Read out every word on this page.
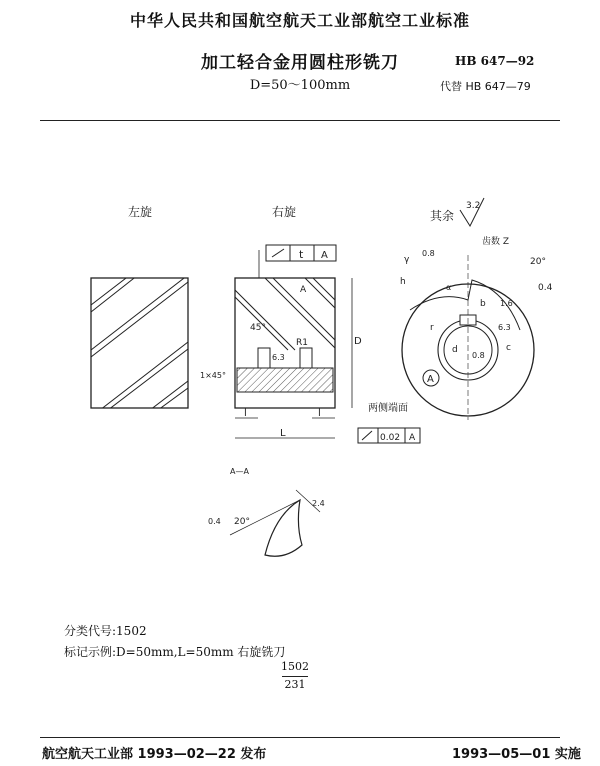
中华人民共和国航空航天工业部航空工业标准
加工轻合金用圆柱形铣刀
D=50～100mm
HB 647—92
代替 HB 647—79
左旋	右旋
t A
45°
1×45°
6.3
R1
A
D
L
l	l	两侧端面
0.02 A
其余
3.2
齿数 Z
20°
0.4
0.8
γ
h
r
b 1.6
6.3
c
d
0.8
α
A
A—A
0.4 20°
2.4
分类代号:1502
标记示例:D=50mm,L=50mm 右旋铣刀
1502
231
航空航天工业部 1993—02—22 发布	1993—05—01 实施
